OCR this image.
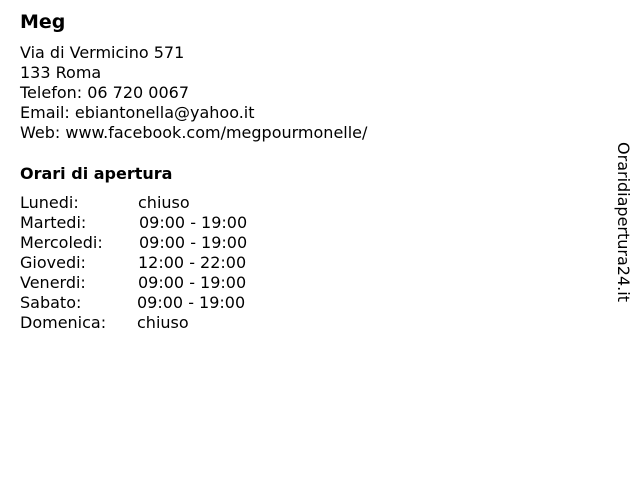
Meg
Via di Vermicino 571
133 Roma
Telefon: 06 720 0067
Email: ebiantonella@yahoo.it
Web: www.facebook.com/megpourmonelle/
Orari di apertura
Lunedi:	chiuso
Martedi:	09:00 - 19:00
Mercoledi: 09:00 - 19:00
Giovedi:	12:00 - 22:00
Venerdi:	09:00 - 19:00
Sabato:	09:00 - 19:00
Domenica: chiuso
Oraridiapertura24.it
